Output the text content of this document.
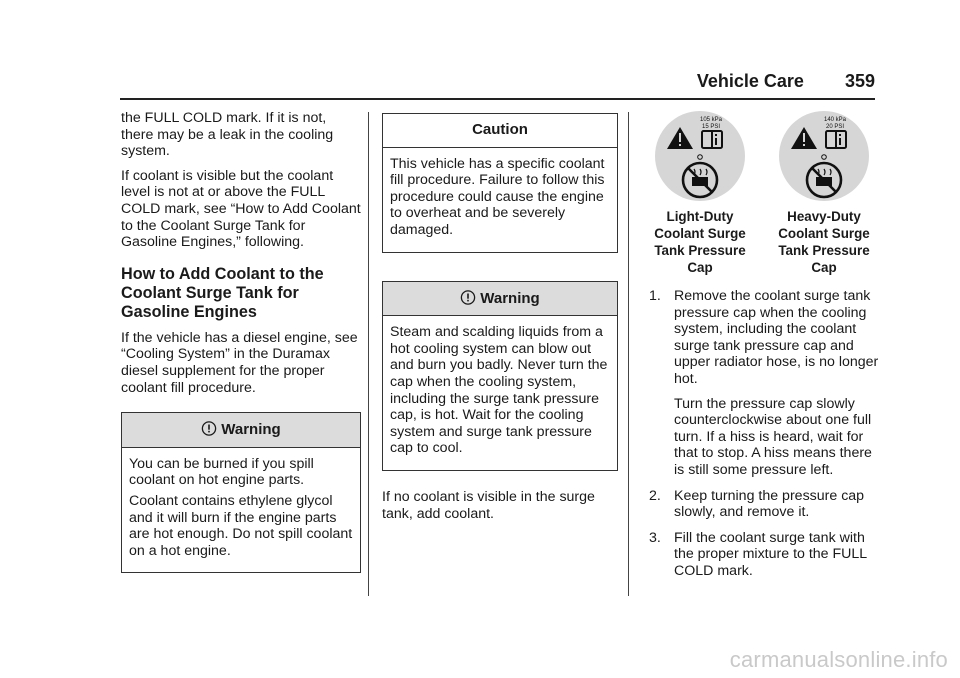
Vehicle Care 359

the FULL COLD mark. If it is not, there may be a leak in the cooling system.

If coolant is visible but the coolant level is not at or above the FULL COLD mark, see “How to Add Coolant to the Coolant Surge Tank for Gasoline Engines,” following.

How to Add Coolant to the Coolant Surge Tank for Gasoline Engines

If the vehicle has a diesel engine, see “Cooling System” in the Duramax diesel supplement for the proper coolant fill procedure.

Warning

You can be burned if you spill coolant on hot engine parts.

Coolant contains ethylene glycol and it will burn if the engine parts are hot enough. Do not spill coolant on a hot engine.

Caution

This vehicle has a specific coolant fill procedure. Failure to follow this procedure could cause the engine to overheat and be severely damaged.

Warning

Steam and scalding liquids from a hot cooling system can blow out and burn you badly. Never turn the cap when the cooling system, including the surge tank pressure cap, is hot. Wait for the cooling system and surge tank pressure cap to cool.

If no coolant is visible in the surge tank, add coolant.

105 kPa
15 PSI
Light-Duty Coolant Surge Tank Pressure Cap
140 kPa
20 PSI
Heavy-Duty Coolant Surge Tank Pressure Cap
1. Remove the coolant surge tank pressure cap when the cooling system, including the coolant surge tank pressure cap and upper radiator hose, is no longer hot.

Turn the pressure cap slowly counterclockwise about one full turn. If a hiss is heard, wait for that to stop. A hiss means there is still some pressure left.

2. Keep turning the pressure cap slowly, and remove it.

3. Fill the coolant surge tank with the proper mixture to the FULL COLD mark.

carmanualsonline.info
